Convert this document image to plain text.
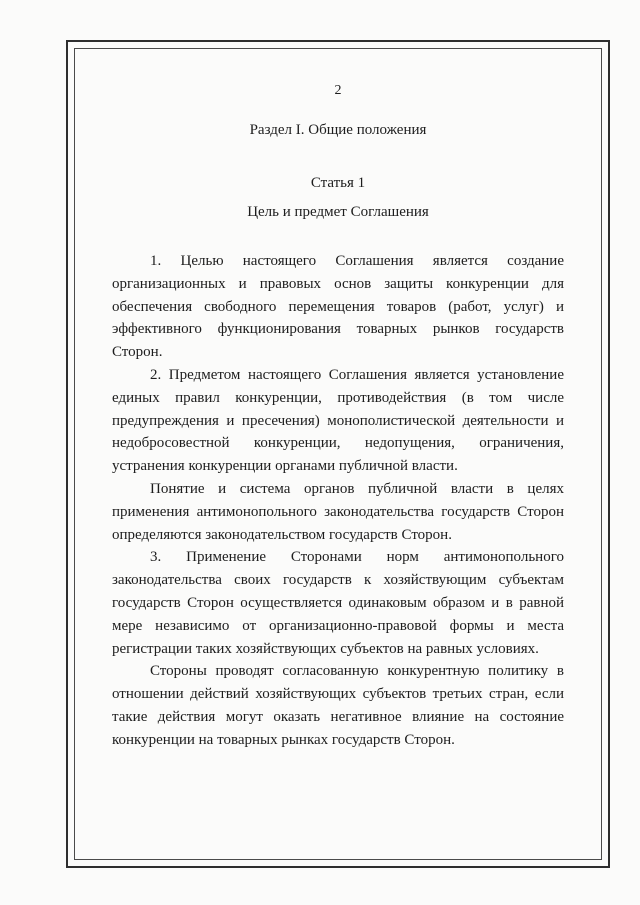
2

Раздел I. Общие положения

Статья 1

Цель и предмет Соглашения

1. Целью настоящего Соглашения является создание организационных и правовых основ защиты конкуренции для обеспечения свободного перемещения товаров (работ, услуг) и эффективного функционирования товарных рынков государств Сторон.

2. Предметом настоящего Соглашения является установление единых правил конкуренции, противодействия (в том числе предупреждения и пресечения) монополистической деятельности и недобросовестной конкуренции, недопущения, ограничения, устранения конкуренции органами публичной власти.

Понятие и система органов публичной власти в целях применения антимонопольного законодательства государств Сторон определяются законодательством государств Сторон.

3. Применение Сторонами норм антимонопольного законодательства своих государств к хозяйствующим субъектам государств Сторон осуществляется одинаковым образом и в равной мере независимо от организационно-правовой формы и места регистрации таких хозяйствующих субъектов на равных условиях.

Стороны проводят согласованную конкурентную политику в отношении действий хозяйствующих субъектов третьих стран, если такие действия могут оказать негативное влияние на состояние конкуренции на товарных рынках государств Сторон.
